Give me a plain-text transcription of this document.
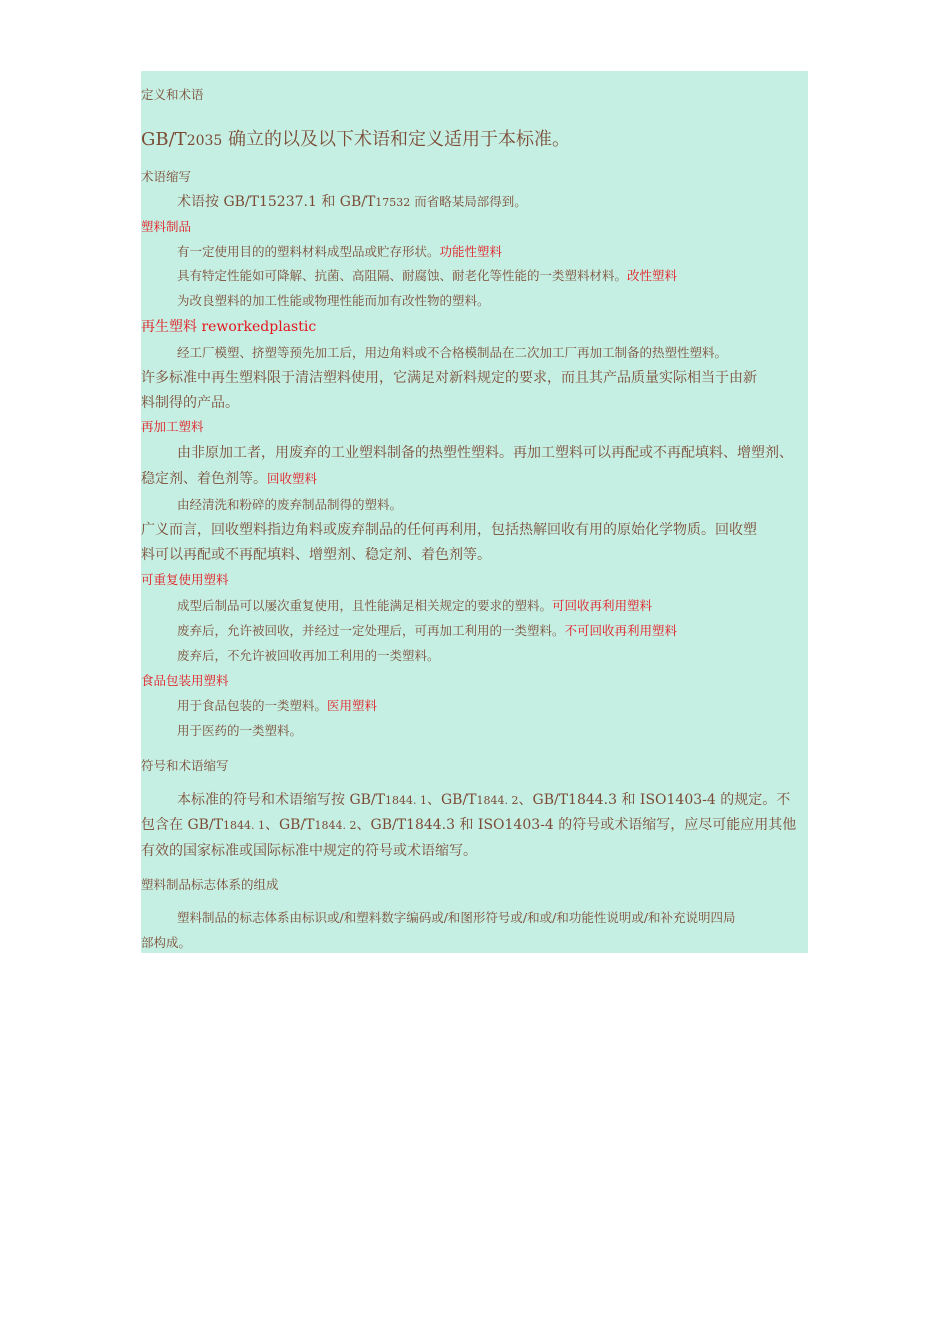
定义和术语
GB/T2035 确立的以及以下术语和定义适用于本标准。
术语缩写
术语按 GB/T15237.1 和 GB/T17532 而省略某局部得到。
塑料制品
有一定使用目的的塑料材料成型品或贮存形状。功能性塑料
具有特定性能如可降解、抗菌、高阻隔、耐腐蚀、耐老化等性能的一类塑料材料。改性塑料
为改良塑料的加工性能或物理性能而加有改性物的塑料。
再生塑料 reworkedplastic
经工厂模塑、挤塑等预先加工后，用边角料或不合格模制品在二次加工厂再加工制备的热塑性塑料。
许多标准中再生塑料限于清洁塑料使用，它满足对新料规定的要求，而且其产品质量实际相当于由新
料制得的产品。
再加工塑料
由非原加工者，用废弃的工业塑料制备的热塑性塑料。再加工塑料可以再配或不再配填料、增塑剂、
稳定剂、着色剂等。回收塑料
由经清洗和粉碎的废弃制品制得的塑料。
广义而言，回收塑料指边角料或废弃制品的任何再利用，包括热解回收有用的原始化学物质。回收塑
料可以再配或不再配填料、增塑剂、稳定剂、着色剂等。
可重复使用塑料
成型后制品可以屡次重复使用，且性能满足相关规定的要求的塑料。可回收再利用塑料
废弃后，允许被回收，并经过一定处理后，可再加工利用的一类塑料。不可回收再利用塑料
废弃后，不允许被回收再加工利用的一类塑料。
食品包装用塑料
用于食品包装的一类塑料。医用塑料
用于医药的一类塑料。
符号和术语缩写
本标准的符号和术语缩写按 GB/T1844. 1、GB/T1844. 2、GB/T1844.3 和 ISO1403-4 的规定。不
包含在 GB/T1844. 1、GB/T1844. 2、GB/T1844.3 和 ISO1403-4 的符号或术语缩写，应尽可能应用其他
有效的国家标准或国际标准中规定的符号或术语缩写。
塑料制品标志体系的组成
塑料制品的标志体系由标识或/和塑料数字编码或/和图形符号或/和或/和功能性说明或/和补充说明四局
部构成。
